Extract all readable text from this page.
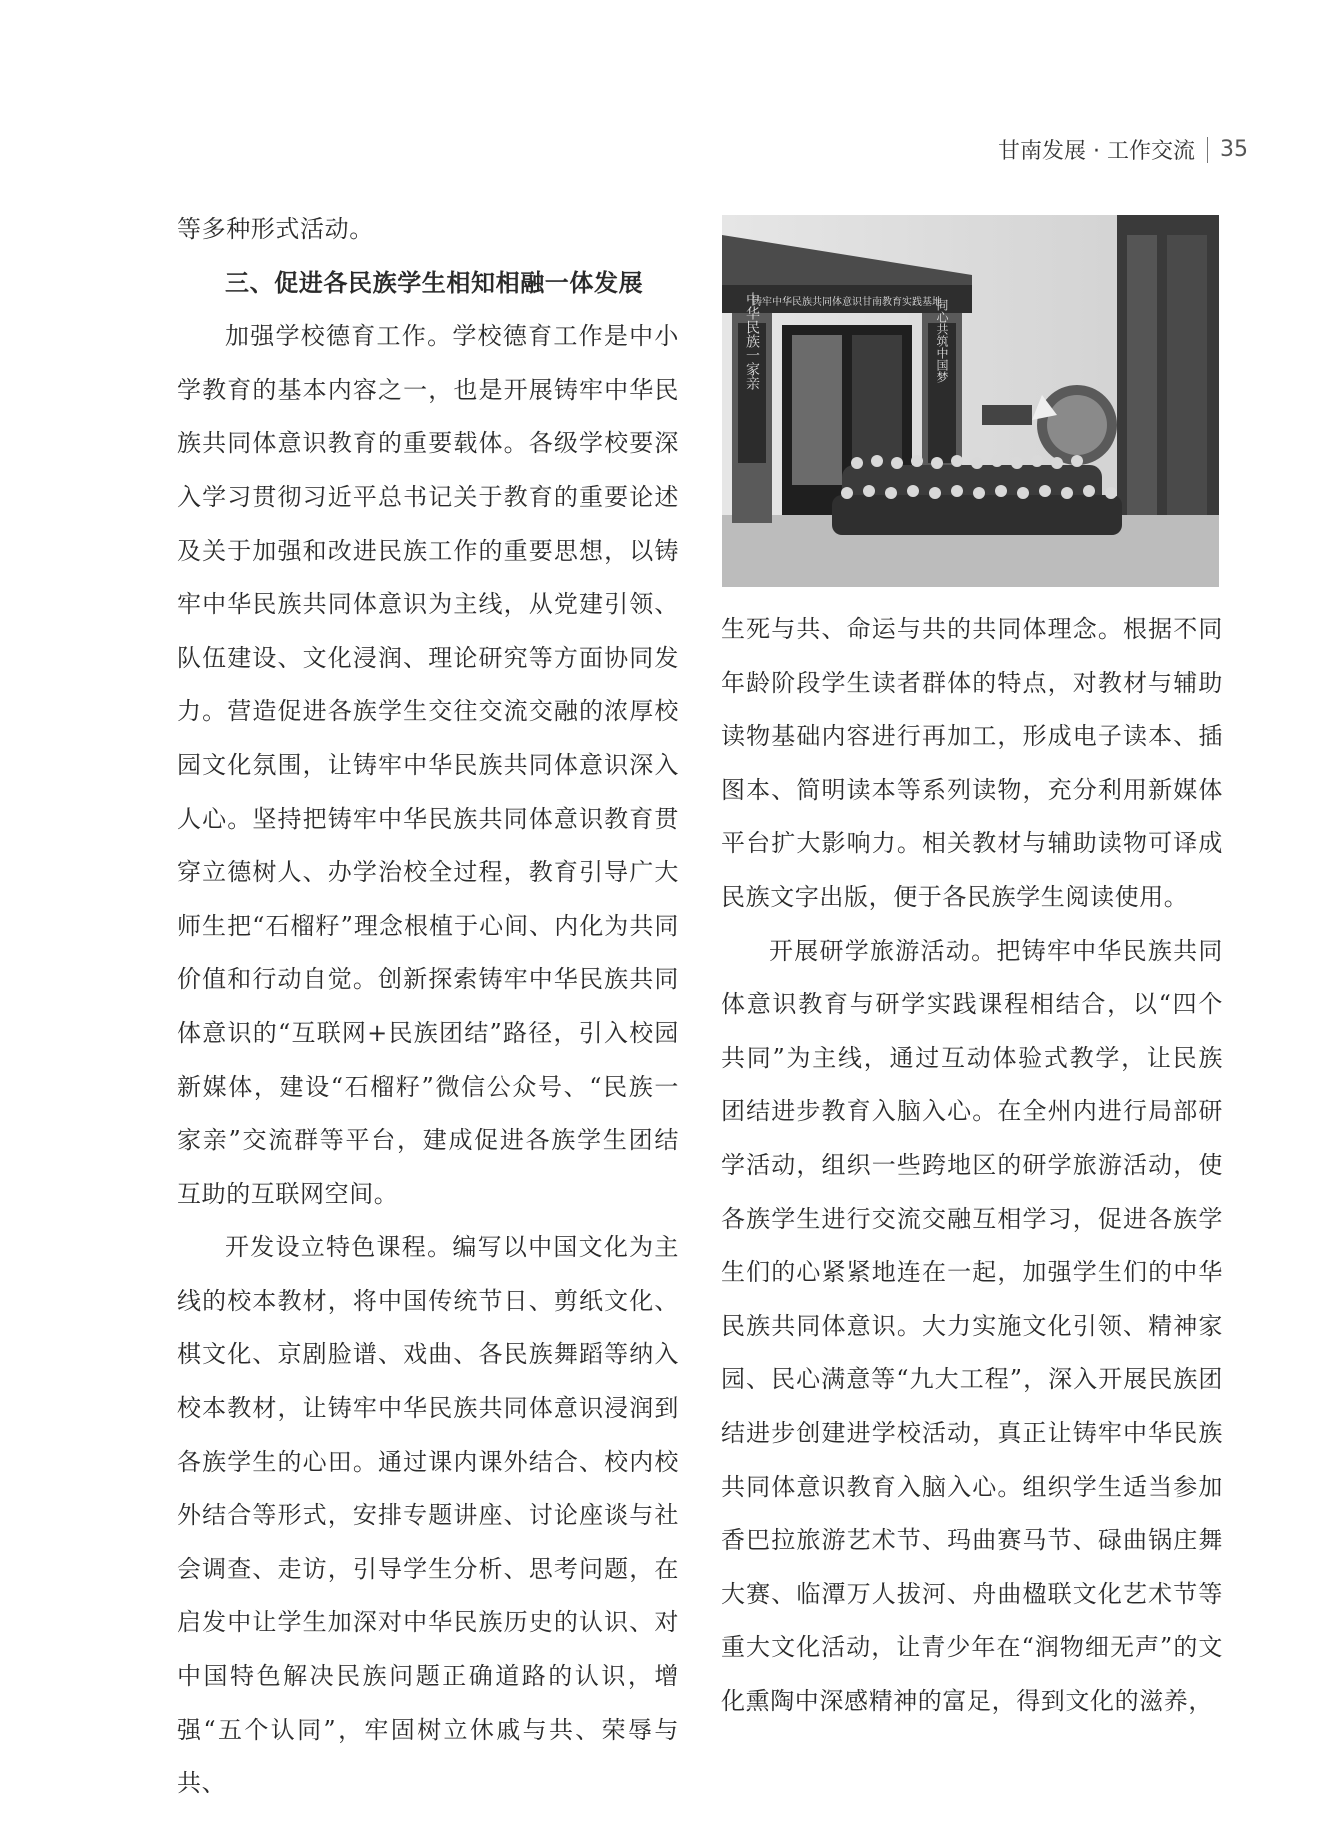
甘南发展 · 工作交流 35

等多种形式活动。

三、促进各民族学生相知相融一体发展

加强学校德育工作。学校德育工作是中小学教育的基本内容之一，也是开展铸牢中华民族共同体意识教育的重要载体。各级学校要深入学习贯彻习近平总书记关于教育的重要论述及关于加强和改进民族工作的重要思想，以铸牢中华民族共同体意识为主线，从党建引领、队伍建设、文化浸润、理论研究等方面协同发力。营造促进各族学生交往交流交融的浓厚校园文化氛围，让铸牢中华民族共同体意识深入人心。坚持把铸牢中华民族共同体意识教育贯穿立德树人、办学治校全过程，教育引导广大师生把“石榴籽”理念根植于心间、内化为共同价值和行动自觉。创新探索铸牢中华民族共同体意识的“互联网+民族团结”路径，引入校园新媒体，建设“石榴籽”微信公众号、“民族一家亲”交流群等平台，建成促进各族学生团结互助的互联网空间。

开发设立特色课程。编写以中国文化为主线的校本教材，将中国传统节日、剪纸文化、棋文化、京剧脸谱、戏曲、各民族舞蹈等纳入校本教材，让铸牢中华民族共同体意识浸润到各族学生的心田。通过课内课外结合、校内校外结合等形式，安排专题讲座、讨论座谈与社会调查、走访，引导学生分析、思考问题，在启发中让学生加深对中华民族历史的认识、对中国特色解决民族问题正确道路的认识，增强“五个认同”，牢固树立休戚与共、荣辱与共、

铸牢中华民族共同体意识甘南教育实践基地
中华民族一家亲	同心共筑中国梦

生死与共、命运与共的共同体理念。根据不同年龄阶段学生读者群体的特点，对教材与辅助读物基础内容进行再加工，形成电子读本、插图本、简明读本等系列读物，充分利用新媒体平台扩大影响力。相关教材与辅助读物可译成民族文字出版，便于各民族学生阅读使用。

开展研学旅游活动。把铸牢中华民族共同体意识教育与研学实践课程相结合，以“四个共同”为主线，通过互动体验式教学，让民族团结进步教育入脑入心。在全州内进行局部研学活动，组织一些跨地区的研学旅游活动，使各族学生进行交流交融互相学习，促进各族学生们的心紧紧地连在一起，加强学生们的中华民族共同体意识。大力实施文化引领、精神家园、民心满意等“九大工程”，深入开展民族团结进步创建进学校活动，真正让铸牢中华民族共同体意识教育入脑入心。组织学生适当参加香巴拉旅游艺术节、玛曲赛马节、碌曲锅庄舞大赛、临潭万人拔河、舟曲楹联文化艺术节等重大文化活动，让青少年在“润物细无声”的文化熏陶中深感精神的富足，得到文化的滋养，
